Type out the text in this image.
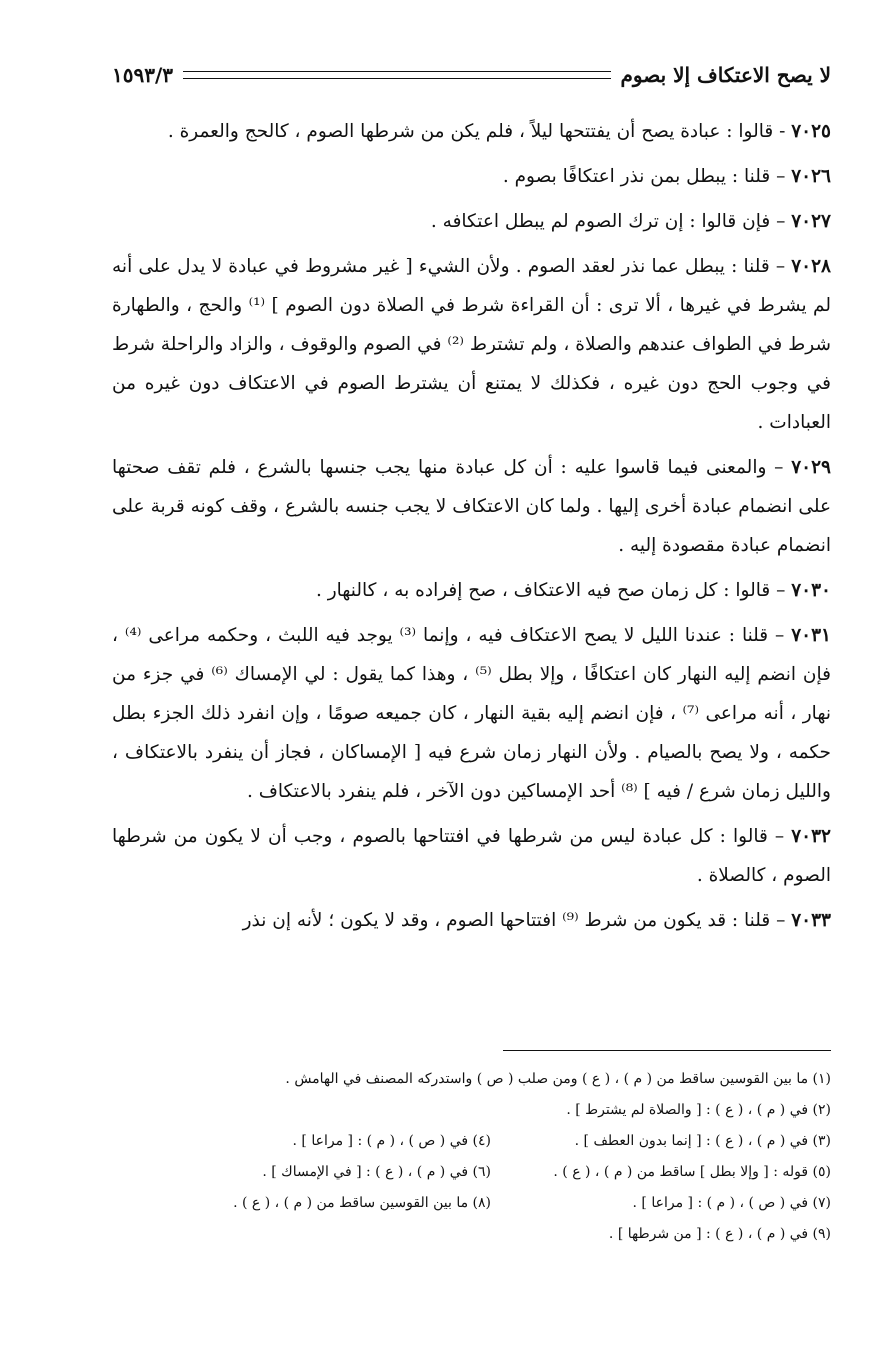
لا يصح الاعتكاف إلا بصوم
١٥٩٣/٣

٧٠٢٥ - قالوا : عبادة يصح أن يفتتحها ليلاً ، فلم يكن من شرطها الصوم ، كالحج والعمرة .

٧٠٢٦ – قلنا : يبطل بمن نذر اعتكافًا بصوم .

٧٠٢٧ – فإن قالوا : إن ترك الصوم لم يبطل اعتكافه .

٧٠٢٨ – قلنا : يبطل عما نذر لعقد الصوم . ولأن الشيء [ غير مشروط في عبادة لا يدل على أنه لم يشرط في غيرها ، ألا ترى : أن القراءة شرط في الصلاة دون الصوم ] ⁽¹⁾ والحج ، والطهارة شرط في الطواف عندهم والصلاة ، ولم تشترط ⁽²⁾ في الصوم والوقوف ، والزاد والراحلة شرط في وجوب الحج دون غيره ، فكذلك لا يمتنع أن يشترط الصوم في الاعتكاف دون غيره من العبادات .

٧٠٢٩ – والمعنى فيما قاسوا عليه : أن كل عبادة منها يجب جنسها بالشرع ، فلم تقف صحتها على انضمام عبادة أخرى إليها . ولما كان الاعتكاف لا يجب جنسه بالشرع ، وقف كونه قربة على انضمام عبادة مقصودة إليه .

٧٠٣٠ – قالوا : كل زمان صح فيه الاعتكاف ، صح إفراده به ، كالنهار .

٧٠٣١ – قلنا : عندنا الليل لا يصح الاعتكاف فيه ، وإنما ⁽³⁾ يوجد فيه اللبث ، وحكمه مراعى ⁽⁴⁾ ، فإن انضم إليه النهار كان اعتكافًا ، وإلا بطل ⁽⁵⁾ ، وهذا كما يقول : لي الإمساك ⁽⁶⁾ في جزء من نهار ، أنه مراعى ⁽⁷⁾ ، فإن انضم إليه بقية النهار ، كان جميعه صومًا ، وإن انفرد ذلك الجزء بطل حكمه ، ولا يصح بالصيام . ولأن النهار زمان شرع فيه [ الإمساكان ، فجاز أن ينفرد بالاعتكاف ، والليل زمان شرع / فيه ] ⁽⁸⁾ أحد الإمساكين دون الآخر ، فلم ينفرد بالاعتكاف .

٧٠٣٢ – قالوا : كل عبادة ليس من شرطها في افتتاحها بالصوم ، وجب أن لا يكون من شرطها الصوم ، كالصلاة .

٧٠٣٣ – قلنا : قد يكون من شرط ⁽⁹⁾ افتتاحها الصوم ، وقد لا يكون ؛ لأنه إن نذر

(١) ما بين القوسين ساقط من ( م ) ، ( ع ) ومن صلب ( ص ) واستدركه المصنف في الهامش .
(٢) في ( م ) ، ( ع ) : [ والصلاة لم يشترط ] .
(٣) في ( م ) ، ( ع ) : [ إنما بدون العطف ] .
(٤) في ( ص ) ، ( م ) : [ مراعا ] .
(٥) قوله : [ وإلا بطل ] ساقط من ( م ) ، ( ع ) .
(٦) في ( م ) ، ( ع ) : [ في الإمساك ] .
(٧) في ( ص ) ، ( م ) : [ مراعا ] .
(٨) ما بين القوسين ساقط من ( م ) ، ( ع ) .
(٩) في ( م ) ، ( ع ) : [ من شرطها ] .
